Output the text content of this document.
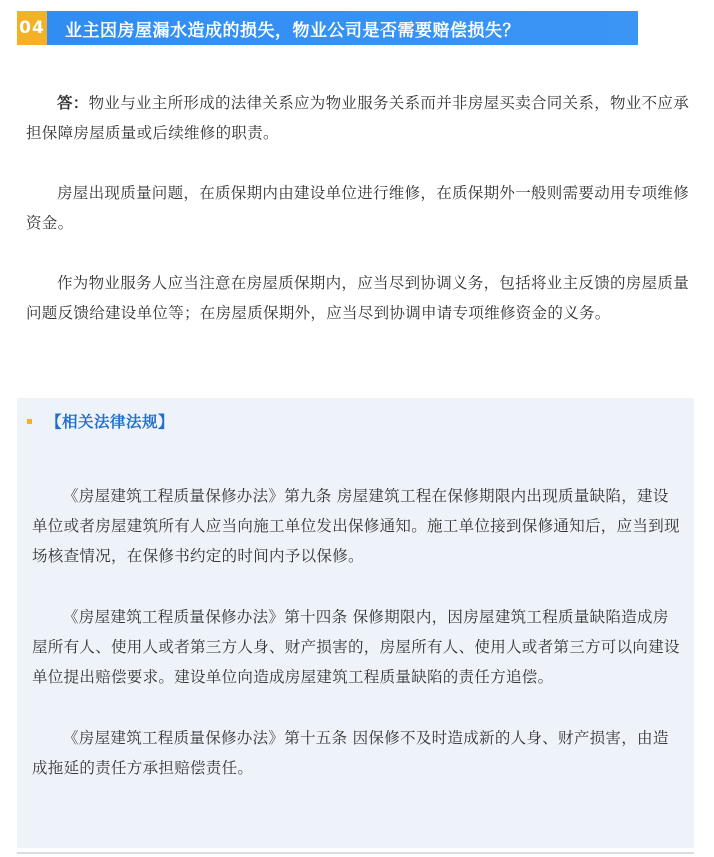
04 业主因房屋漏水造成的损失，物业公司是否需要赔偿损失？

答：物业与业主所形成的法律关系应为物业服务关系而并非房屋买卖合同关系，物业不应承担保障房屋质量或后续维修的职责。

房屋出现质量问题，在质保期内由建设单位进行维修，在质保期外一般则需要动用专项维修资金。

作为物业服务人应当注意在房屋质保期内，应当尽到协调义务，包括将业主反馈的房屋质量问题反馈给建设单位等；在房屋质保期外，应当尽到协调申请专项维修资金的义务。

【相关法律法规】

《房屋建筑工程质量保修办法》第九条 房屋建筑工程在保修期限内出现质量缺陷，建设单位或者房屋建筑所有人应当向施工单位发出保修通知。施工单位接到保修通知后，应当到现场核查情况，在保修书约定的时间内予以保修。

《房屋建筑工程质量保修办法》第十四条 保修期限内，因房屋建筑工程质量缺陷造成房屋所有人、使用人或者第三方人身、财产损害的，房屋所有人、使用人或者第三方可以向建设单位提出赔偿要求。建设单位向造成房屋建筑工程质量缺陷的责任方追偿。

《房屋建筑工程质量保修办法》第十五条 因保修不及时造成新的人身、财产损害，由造成拖延的责任方承担赔偿责任。
